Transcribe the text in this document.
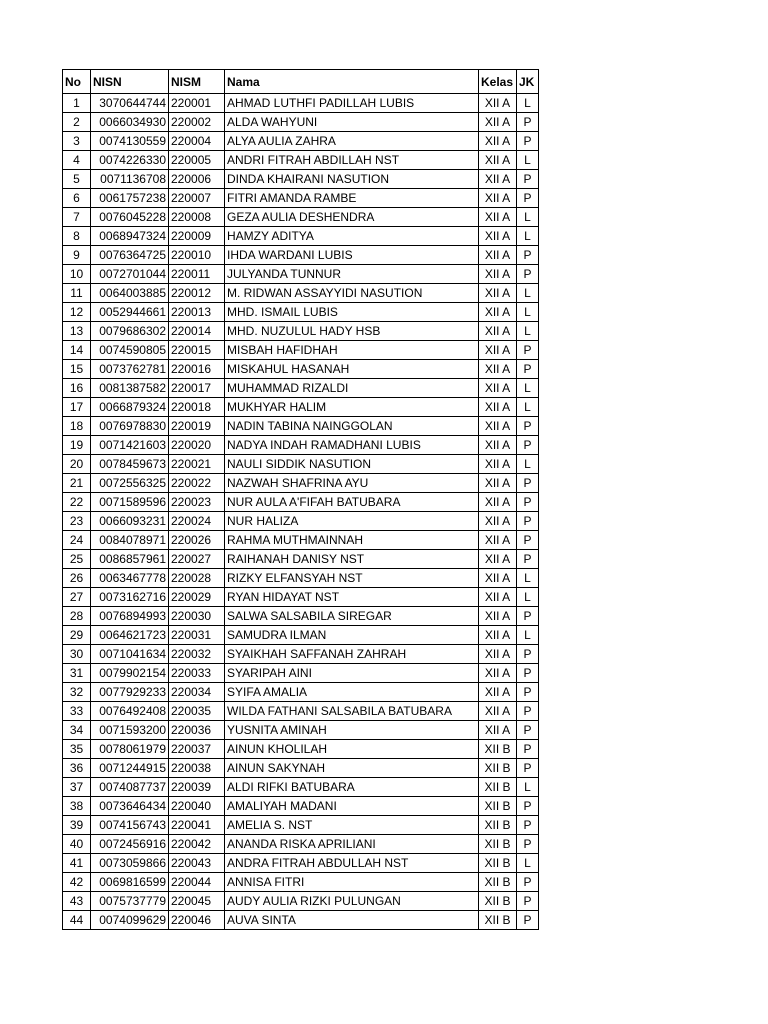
No	NISN	NISM	Nama	Kelas	JK
1	3070644744	220001	AHMAD LUTHFI PADILLAH LUBIS	XII A	L
2	0066034930	220002	ALDA WAHYUNI	XII A	P
3	0074130559	220004	ALYA AULIA ZAHRA	XII A	P
4	0074226330	220005	ANDRI FITRAH ABDILLAH NST	XII A	L
5	0071136708	220006	DINDA KHAIRANI NASUTION	XII A	P
6	0061757238	220007	FITRI AMANDA RAMBE	XII A	P
7	0076045228	220008	GEZA AULIA DESHENDRA	XII A	L
8	0068947324	220009	HAMZY ADITYA	XII A	L
9	0076364725	220010	IHDA WARDANI LUBIS	XII A	P
10	0072701044	220011	JULYANDA TUNNUR	XII A	P
11	0064003885	220012	M. RIDWAN ASSAYYIDI NASUTION	XII A	L
12	0052944661	220013	MHD. ISMAIL LUBIS	XII A	L
13	0079686302	220014	MHD. NUZULUL HADY HSB	XII A	L
14	0074590805	220015	MISBAH HAFIDHAH	XII A	P
15	0073762781	220016	MISKAHUL HASANAH	XII A	P
16	0081387582	220017	MUHAMMAD RIZALDI	XII A	L
17	0066879324	220018	MUKHYAR HALIM	XII A	L
18	0076978830	220019	NADIN TABINA NAINGGOLAN	XII A	P
19	0071421603	220020	NADYA INDAH RAMADHANI LUBIS	XII A	P
20	0078459673	220021	NAULI SIDDIK NASUTION	XII A	L
21	0072556325	220022	NAZWAH SHAFRINA AYU	XII A	P
22	0071589596	220023	NUR AULA A'FIFAH BATUBARA	XII A	P
23	0066093231	220024	NUR HALIZA	XII A	P
24	0084078971	220026	RAHMA MUTHMAINNAH	XII A	P
25	0086857961	220027	RAIHANAH DANISY NST	XII A	P
26	0063467778	220028	RIZKY ELFANSYAH NST	XII A	L
27	0073162716	220029	RYAN HIDAYAT NST	XII A	L
28	0076894993	220030	SALWA SALSABILA SIREGAR	XII A	P
29	0064621723	220031	SAMUDRA ILMAN	XII A	L
30	0071041634	220032	SYAIKHAH SAFFANAH ZAHRAH	XII A	P
31	0079902154	220033	SYARIPAH AINI	XII A	P
32	0077929233	220034	SYIFA AMALIA	XII A	P
33	0076492408	220035	WILDA FATHANI SALSABILA BATUBARA	XII A	P
34	0071593200	220036	YUSNITA AMINAH	XII A	P
35	0078061979	220037	AINUN KHOLILAH	XII B	P
36	0071244915	220038	AINUN SAKYNAH	XII B	P
37	0074087737	220039	ALDI RIFKI BATUBARA	XII B	L
38	0073646434	220040	AMALIYAH MADANI	XII B	P
39	0074156743	220041	AMELIA S. NST	XII B	P
40	0072456916	220042	ANANDA RISKA APRILIANI	XII B	P
41	0073059866	220043	ANDRA FITRAH ABDULLAH NST	XII B	L
42	0069816599	220044	ANNISA FITRI	XII B	P
43	0075737779	220045	AUDY AULIA RIZKI PULUNGAN	XII B	P
44	0074099629	220046	AUVA SINTA	XII B	P
